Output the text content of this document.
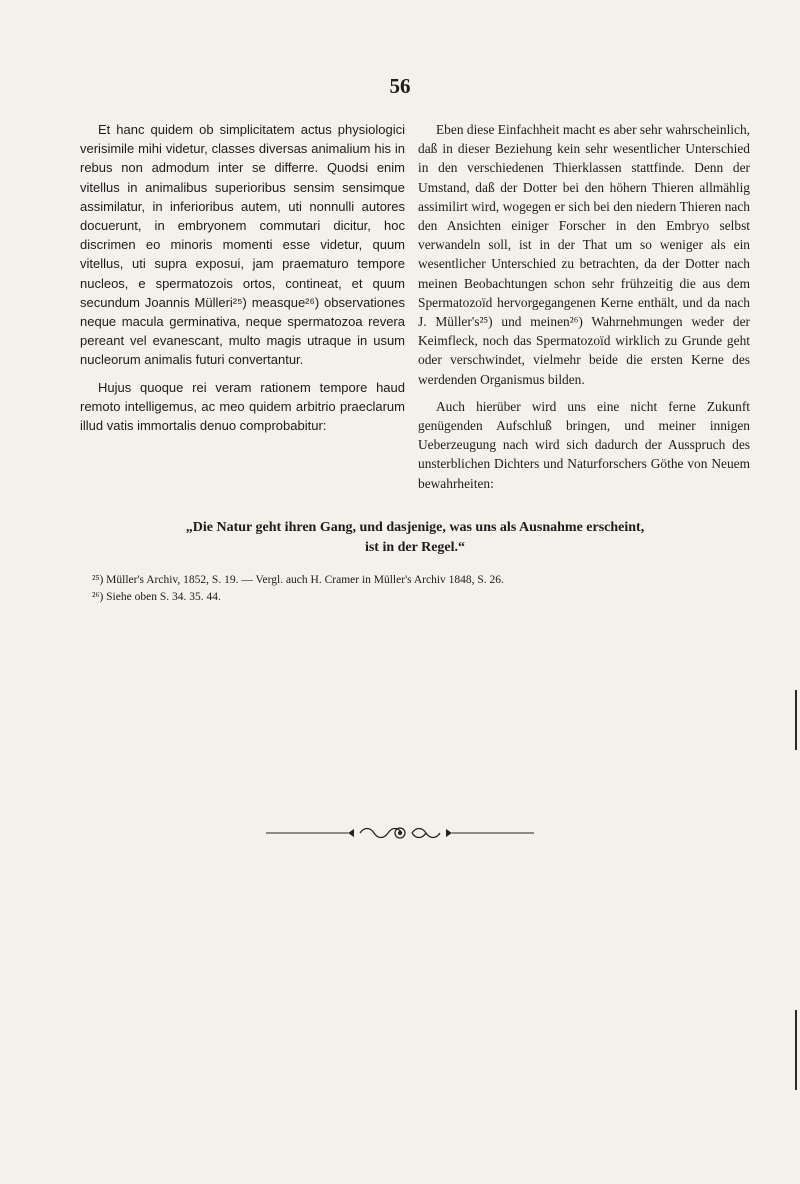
56

Et hanc quidem ob simplicitatem actus physiologici verisimile mihi videtur, classes diversas animalium his in rebus non admodum inter se differre. Quodsi enim vitellus in animalibus superioribus sensim sensimque assimilatur, in inferioribus autem, uti nonnulli autores docuerunt, in embryonem commutari dicitur, hoc discrimen eo minoris momenti esse videtur, quum vitellus, uti supra exposui, jam praematuro tempore nucleos, e spermatozois ortos, contineat, et quum secundum Joannis Mülleri²⁵) measque²⁶) observationes neque macula germinativa, neque spermatozoa revera pereant vel evanescant, multo magis utraque in usum nucleorum animalis futuri convertantur.

Hujus quoque rei veram rationem tempore haud remoto intelligemus, ac meo quidem arbitrio praeclarum illud vatis immortalis denuo comprobabitur:

Eben diese Einfachheit macht es aber sehr wahrscheinlich, daß in dieser Beziehung kein sehr wesentlicher Unterschied in den verschiedenen Thierklassen stattfinde. Denn der Umstand, daß der Dotter bei den höhern Thieren allmählig assimilirt wird, wogegen er sich bei den niedern Thieren nach den Ansichten einiger Forscher in den Embryo selbst verwandeln soll, ist in der That um so weniger als ein wesentlicher Unterschied zu betrachten, da der Dotter nach meinen Beobachtungen schon sehr frühzeitig die aus dem Spermatozoïd hervorgegangenen Kerne enthält, und da nach J. Müller's²⁵) und meinen²⁶) Wahrnehmungen weder der Keimfleck, noch das Spermatozoïd wirklich zu Grunde geht oder verschwindet, vielmehr beide die ersten Kerne des werdenden Organismus bilden.

Auch hierüber wird uns eine nicht ferne Zukunft genügenden Aufschluß bringen, und meiner innigen Ueberzeugung nach wird sich dadurch der Ausspruch des unsterblichen Dichters und Naturforschers Göthe von Neuem bewahrheiten:

„Die Natur geht ihren Gang, und dasjenige, was uns als Ausnahme erscheint,
ist in der Regel.“

²⁵) Müller's Archiv, 1852, S. 19. — Vergl. auch H. Cramer in Müller's Archiv 1848, S. 26.

²⁶) Siehe oben S. 34. 35. 44.
